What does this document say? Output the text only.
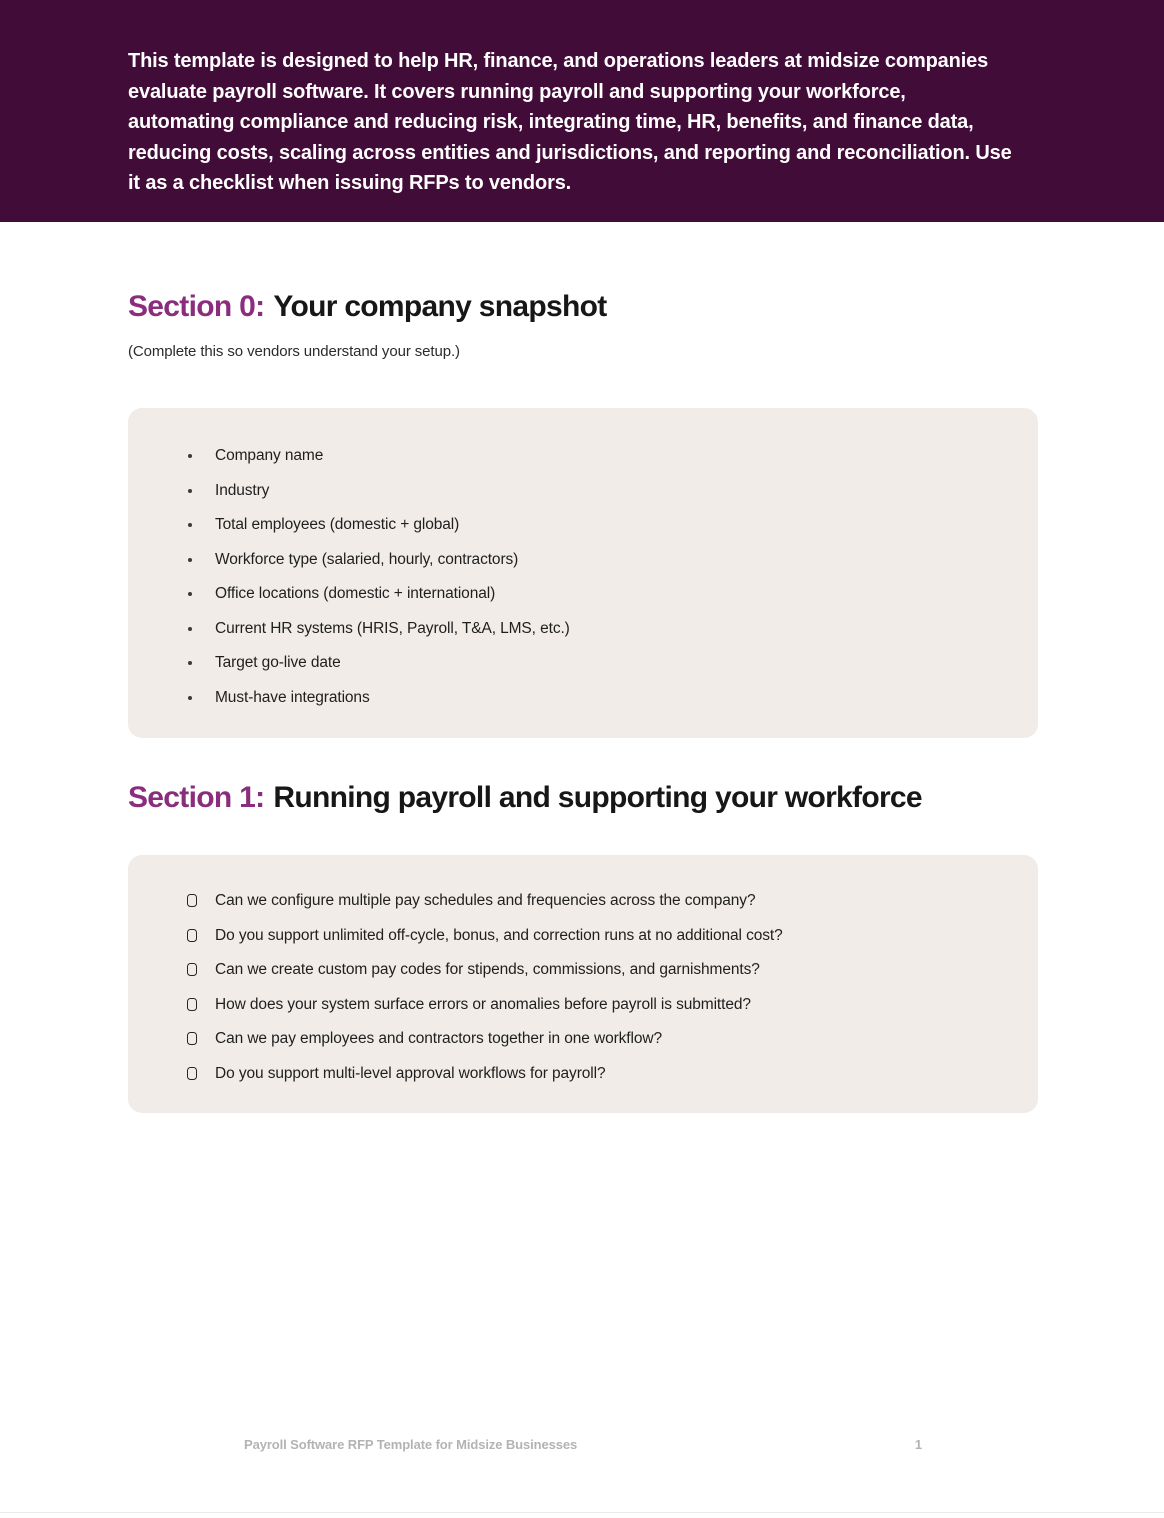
This template is designed to help HR, finance, and operations leaders at midsize companies evaluate payroll software. It covers running payroll and supporting your workforce, automating compliance and reducing risk, integrating time, HR, benefits, and finance data, reducing costs, scaling across entities and jurisdictions, and reporting and reconciliation. Use it as a checklist when issuing RFPs to vendors.

Section 0: Your company snapshot

(Complete this so vendors understand your setup.)

Company name
Industry
Total employees (domestic + global)
Workforce type (salaried, hourly, contractors)
Office locations (domestic + international)
Current HR systems (HRIS, Payroll, T&A, LMS, etc.)
Target go-live date
Must-have integrations
Section 1: Running payroll and supporting your workforce
Can we configure multiple pay schedules and frequencies across the company?
Do you support unlimited off-cycle, bonus, and correction runs at no additional cost?
Can we create custom pay codes for stipends, commissions, and garnishments?
How does your system surface errors or anomalies before payroll is submitted?
Can we pay employees and contractors together in one workflow?
Do you support multi-level approval workflows for payroll?
Payroll Software RFP Template for Midsize Businesses	1
